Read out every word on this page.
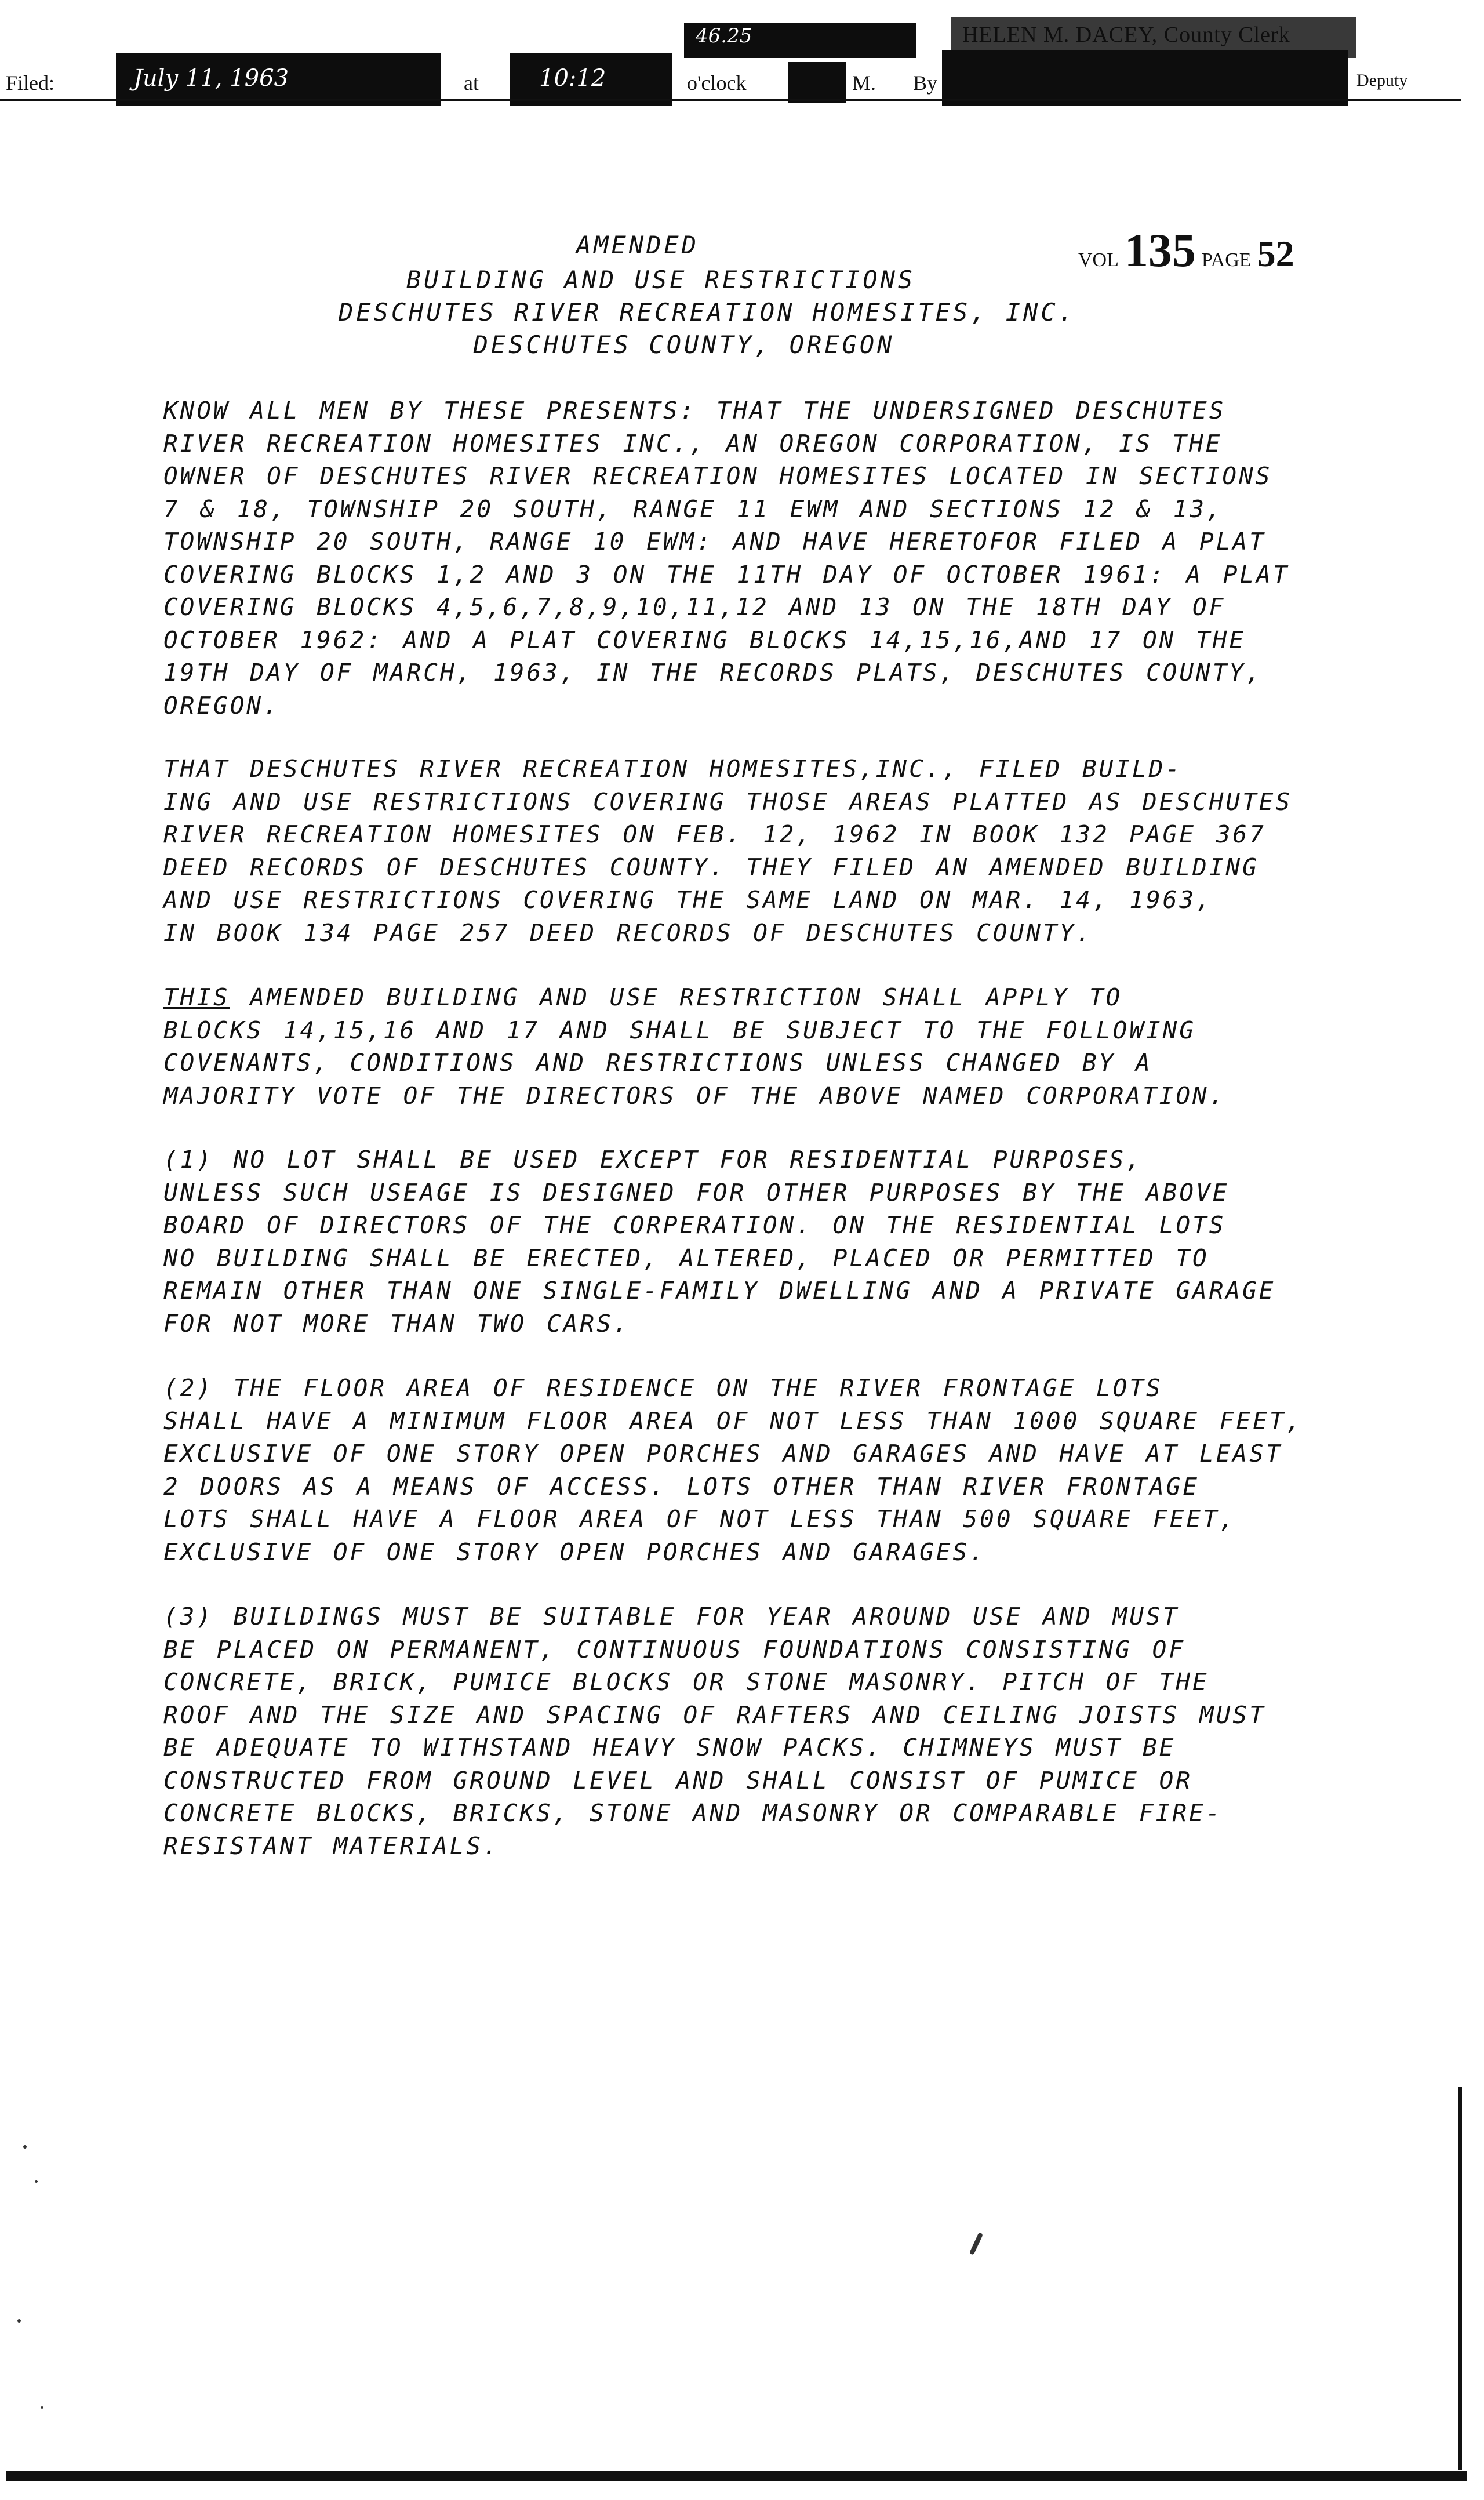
46.25
Filed:	July 11, 1963	at	10:12	o'clock	M. By	Deputy
AMENDED
VOL 135 PAGE 52
BUILDING AND USE RESTRICTIONS
DESCHUTES RIVER RECREATION HOMESITES, INC.
DESCHUTES COUNTY, OREGON
KNOW ALL MEN BY THESE PRESENTS: THAT THE UNDERSIGNED DESCHUTES
RIVER RECREATION HOMESITES INC., AN OREGON CORPORATION, IS THE
OWNER OF DESCHUTES RIVER RECREATION HOMESITES LOCATED IN SECTIONS
7 & 18, TOWNSHIP 20 SOUTH, RANGE 11 EWM AND SECTIONS 12 & 13,
TOWNSHIP 20 SOUTH, RANGE 10 EWM: AND HAVE HERETOFOR FILED A PLAT
COVERING BLOCKS 1,2 AND 3 ON THE 11TH DAY OF OCTOBER 1961: A PLAT
COVERING BLOCKS 4,5,6,7,8,9,10,11,12 AND 13 ON THE 18TH DAY OF
OCTOBER 1962: AND A PLAT COVERING BLOCKS 14,15,16,AND 17 ON THE
19TH DAY OF MARCH, 1963, IN THE RECORDS PLATS, DESCHUTES COUNTY,
OREGON.
THAT DESCHUTES RIVER RECREATION HOMESITES,INC., FILED BUILD-
ING AND USE RESTRICTIONS COVERING THOSE AREAS PLATTED AS DESCHUTES
RIVER RECREATION HOMESITES ON FEB. 12, 1962 IN BOOK 132 PAGE 367
DEED RECORDS OF DESCHUTES COUNTY. THEY FILED AN AMENDED BUILDING
AND USE RESTRICTIONS COVERING THE SAME LAND ON MAR. 14, 1963,
IN BOOK 134 PAGE 257 DEED RECORDS OF DESCHUTES COUNTY.
THIS AMENDED BUILDING AND USE RESTRICTION SHALL APPLY TO
BLOCKS 14,15,16 AND 17 AND SHALL BE SUBJECT TO THE FOLLOWING
COVENANTS, CONDITIONS AND RESTRICTIONS UNLESS CHANGED BY A
MAJORITY VOTE OF THE DIRECTORS OF THE ABOVE NAMED CORPORATION.
(1) NO LOT SHALL BE USED EXCEPT FOR RESIDENTIAL PURPOSES,
UNLESS SUCH USEAGE IS DESIGNED FOR OTHER PURPOSES BY THE ABOVE
BOARD OF DIRECTORS OF THE CORPERATION. ON THE RESIDENTIAL LOTS
NO BUILDING SHALL BE ERECTED, ALTERED, PLACED OR PERMITTED TO
REMAIN OTHER THAN ONE SINGLE-FAMILY DWELLING AND A PRIVATE GARAGE
FOR NOT MORE THAN TWO CARS.
(2) THE FLOOR AREA OF RESIDENCE ON THE RIVER FRONTAGE LOTS
SHALL HAVE A MINIMUM FLOOR AREA OF NOT LESS THAN 1000 SQUARE FEET,
EXCLUSIVE OF ONE STORY OPEN PORCHES AND GARAGES AND HAVE AT LEAST
2 DOORS AS A MEANS OF ACCESS. LOTS OTHER THAN RIVER FRONTAGE
LOTS SHALL HAVE A FLOOR AREA OF NOT LESS THAN 500 SQUARE FEET,
EXCLUSIVE OF ONE STORY OPEN PORCHES AND GARAGES.
(3) BUILDINGS MUST BE SUITABLE FOR YEAR AROUND USE AND MUST
BE PLACED ON PERMANENT, CONTINUOUS FOUNDATIONS CONSISTING OF
CONCRETE, BRICK, PUMICE BLOCKS OR STONE MASONRY. PITCH OF THE
ROOF AND THE SIZE AND SPACING OF RAFTERS AND CEILING JOISTS MUST
BE ADEQUATE TO WITHSTAND HEAVY SNOW PACKS. CHIMNEYS MUST BE
CONSTRUCTED FROM GROUND LEVEL AND SHALL CONSIST OF PUMICE OR
CONCRETE BLOCKS, BRICKS, STONE AND MASONRY OR COMPARABLE FIRE-
RESISTANT MATERIALS.
